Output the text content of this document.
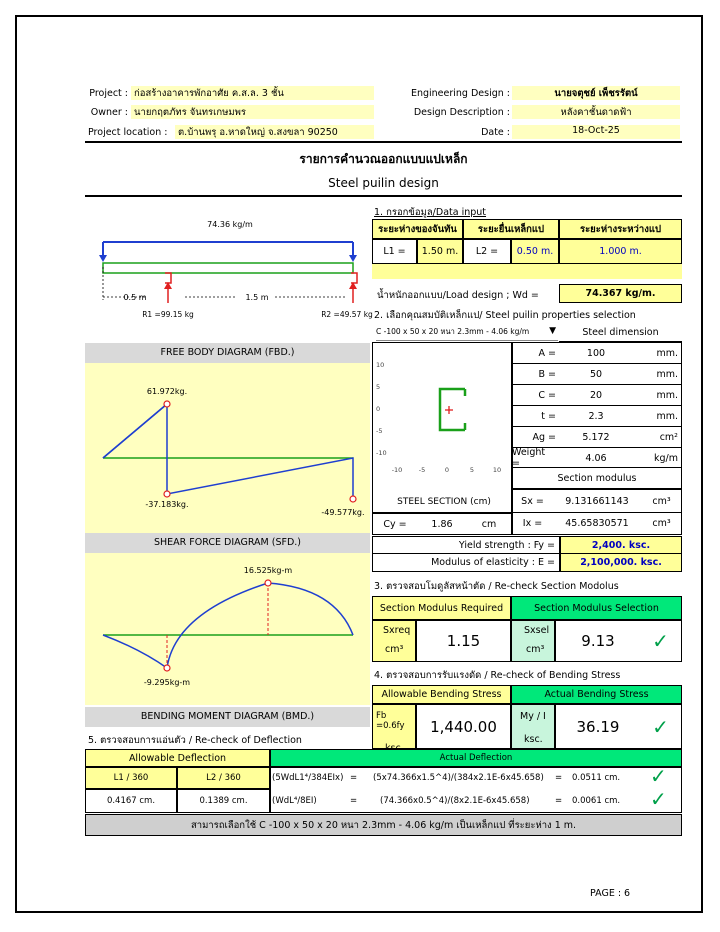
Project : ก่อสร้างอาคารพักอาศัย ค.ส.ล. 3 ชั้น
Owner : นายกฤตภัทร จันทรเกษมพร
Project location :	ต.บ้านพรุ อ.หาดใหญ่ จ.สงขลา 90250
Engineering Design :	นายจตุชย์ เพ็ชรรัตน์
Design Description :	หลังคาชั้นดาดฟ้า
Date :	18-Oct-25
รายการคำนวณออกแบบแปเหล็ก
Steel puilin design
74.36 kg/m
0.5 m	1.5 m
R1 =99.15 kg	R2 =49.57 kg
FREE BODY DIAGRAM (FBD.)
61.972kg.
-37.183kg.
-49.577kg.
SHEAR FORCE DIAGRAM (SFD.)
16.525kg-m
-9.295kg-m
BENDING MOMENT DIAGRAM (BMD.)
1. กรอกข้อมูล/Data input
ระยะห่างของจันทัน	ระยะยื่นเหล็กแป	ระยะห่างระหว่างแป
L1 =	1.50 m.	L2 =	0.50 m.	1.000 m.
น้ำหนักออกแบบ/Load design ; Wd =	74.367 kg/m.
2. เลือกคุณสมบัติเหล็กแป/ Steel puilin properties selection
C -100 x 50 x 20 หนา 2.3mm - 4.06 kg/m ▼	Steel dimension
A =	100	mm.
B =	50	mm.
C =	20	mm.
t =	2.3	mm.
Ag =	5.172	cm²
Weight =	4.06	kg/m
Section modulus
Sx =	9.131661143	cm³
Ix =	45.65830571	cm³
10
5
0
-5
-10
-10	-5	0	5	10
STEEL SECTION (cm)
Cy =	1.86	cm
Yield strength : Fy =	2,400. ksc.
Modulus of elasticity : E =	2,100,000. ksc.
3. ตรวจสอบโมดูลัสหน้าตัด / Re-check Section Modolus
Section Modulus Required	Section Modulus Selection
Sxreq
cm³	1.15
Sxsel
cm³	9.13	✓
4. ตรวจสอบการรับแรงดัด / Re-check of Bending Stress
Allowable Bending Stress	Actual Bending Stress
Fb =0.6fy	1,440.00
My / I
ksc.
36.19	✓
5. ตรวจสอบการแอ่นตัว / Re-check of Deflection
Allowable Deflection	Actual Deflection
L1 / 360	L2 / 360
0.4167 cm.	0.1389 cm.
(5WdL1⁴/384EIx) = (5x74.366x1.5^4)/(384x2.1E-6x45.658) = 0.0511 cm. ✓
(WdL⁴/8EI)	=	(74.366x0.5^4)/(8x2.1E-6x45.658)	= 0.0061 cm. ✓
สามารถเลือกใช้ C -100 x 50 x 20 หนา 2.3mm - 4.06 kg/m เป็นเหล็กแป ที่ระยะห่าง 1 m.
PAGE : 6
